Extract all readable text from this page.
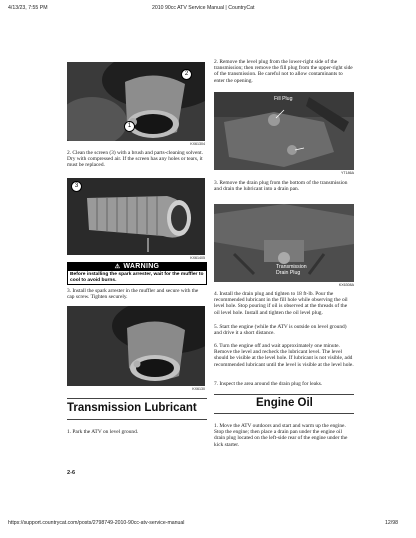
4/13/23, 7:55 PM	2010 90cc ATV Service Manual | CountryCat
2
1
KX61304
2. Clean the screen (3) with a brush and parts-cleaning solvent. Dry with compressed air. If the screen has any holes or tears, it must be replaced.
3
KX61405
⚠ WARNING
Before installing the spark arrester, wait for the muffler to cool to avoid burns.
3. Install the spark arrester in the muffler and secure with the cap screw. Tighten securely.
KX6130
Transmission Lubricant
1. Park the ATV on level ground.
2-6
2. Remove the level plug from the lower-right side of the transmission; then remove the fill plug from the upper-right side of the transmission. Be careful not to allow contaminants to enter the opening.
Fill Plug
YT186A
3. Remove the drain plug from the bottom of the transmission and drain the lubricant into a drain pan.
Transmission
Drain Plug
KX6308A
4. Install the drain plug and tighten to 18 ft-lb. Pour the recommended lubricant in the fill hole while observing the oil level hole. Stop pouring if oil is observed at the threads of the oil level hole. Install and tighten the oil level plug.
5. Start the engine (while the ATV is outside on level ground) and drive it a short distance.
6. Turn the engine off and wait approximately one minute. Remove the level and recheck the lubricant level. The level should be visible at the level hole. If lubricant is not visible, add recommended lubricant until the level is visible at the level hole.
7. Inspect the area around the drain plug for leaks.
Engine Oil
1. Move the ATV outdoors and start and warm up the engine. Stop the engine; then place a drain pan under the engine oil drain plug located on the left-side rear of the engine under the kick starter.
https://support.countrycat.com/posts/2798749-2010-90cc-atv-service-manual	12/98
